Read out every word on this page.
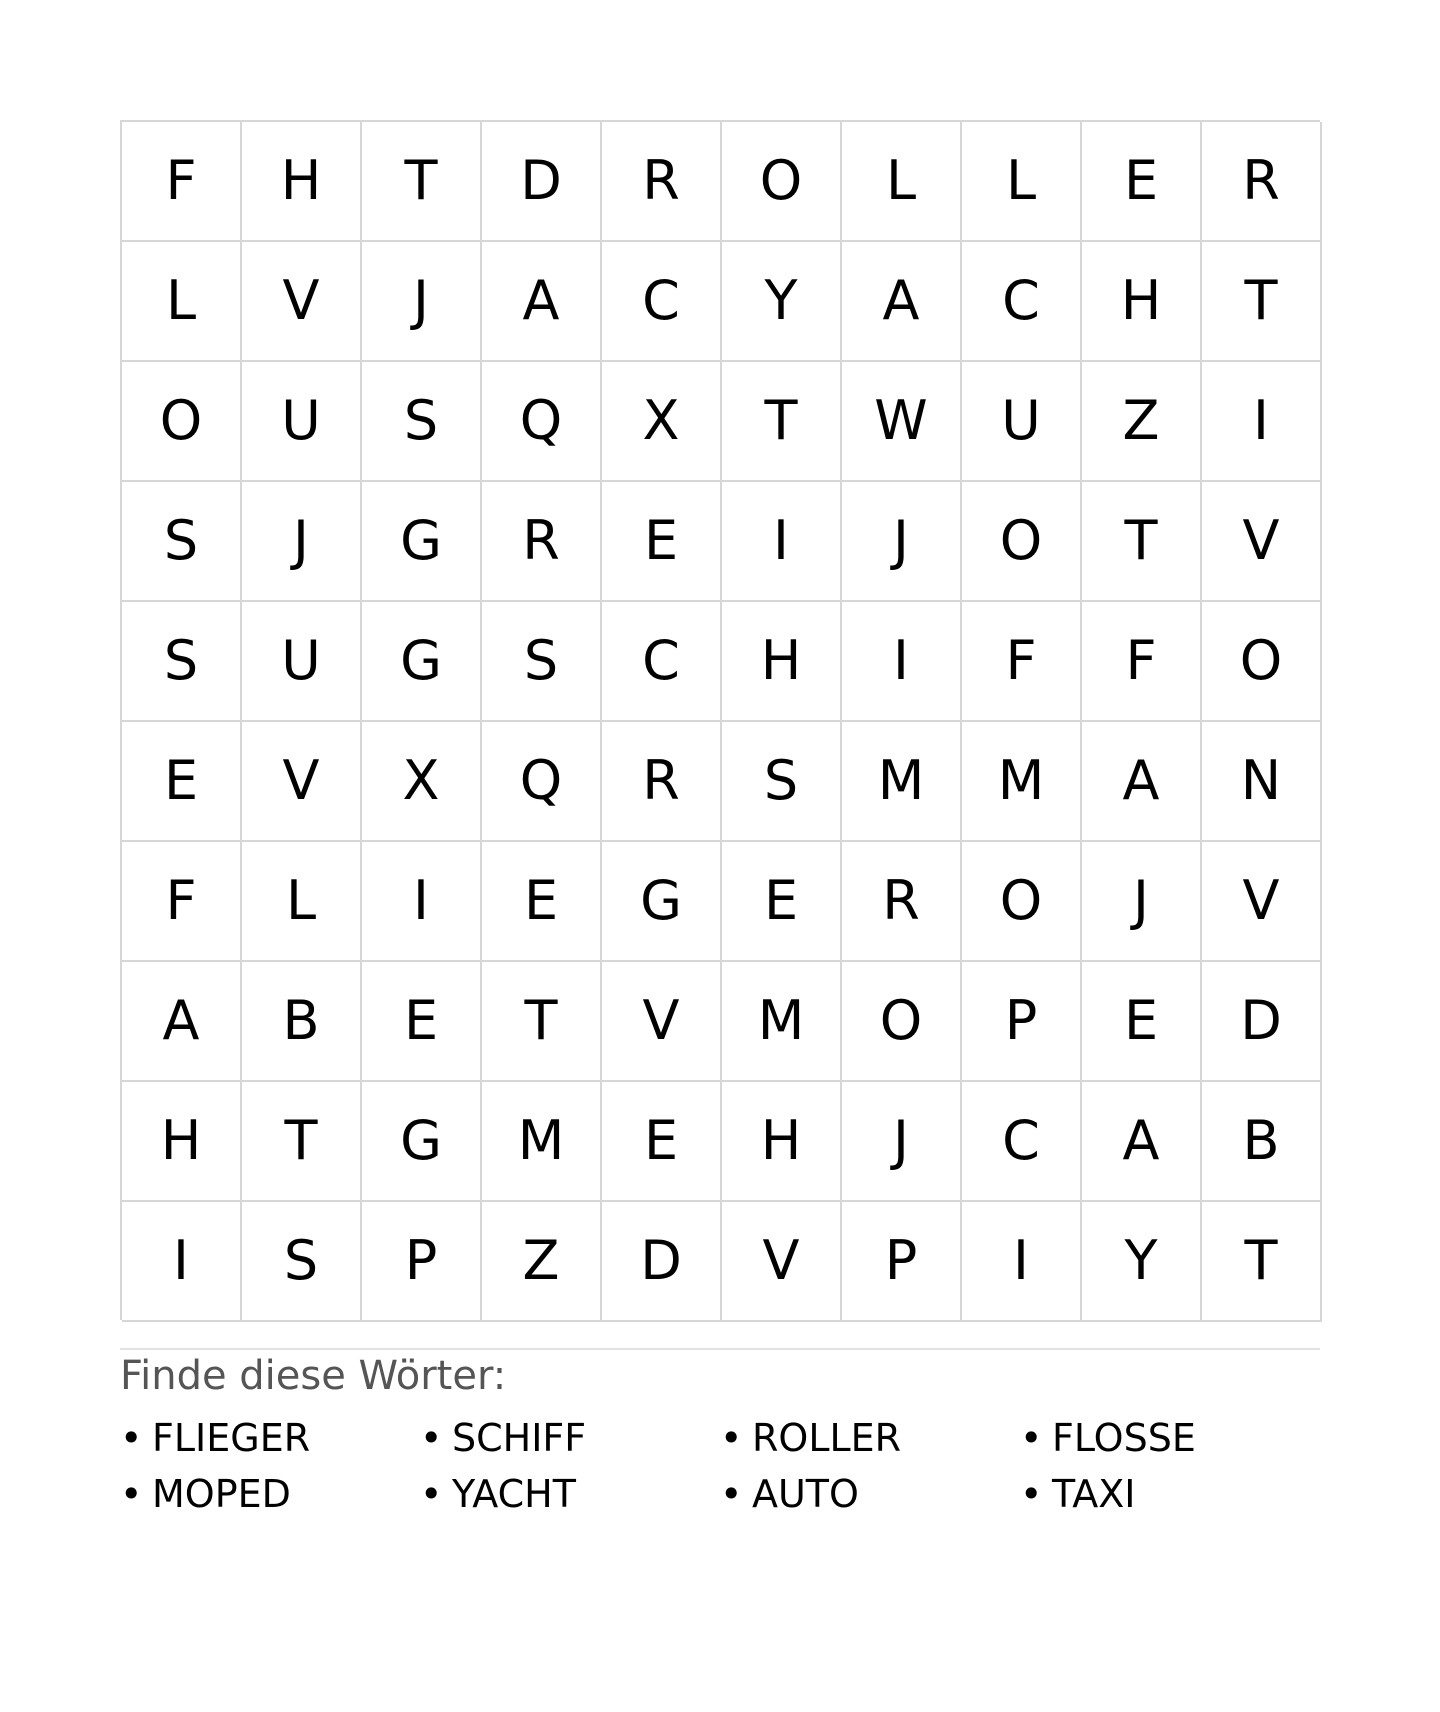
F	H	T	D	R	O	L	L	E	R
L	V	J	A	C	Y	A	C	H	T
O	U	S	Q	X	T	W	U	Z	I
S	J	G	R	E	I	J	O	T	V
S	U	G	S	C	H	I	F	F	O
E	V	X	Q	R	S	M	M	A	N
F	L	I	E	G	E	R	O	J	V
A	B	E	T	V	M	O	P	E	D
H	T	G	M	E	H	J	C	A	B
I	S	P	Z	D	V	P	I	Y	T
Finde diese Wörter:
• FLIEGER	• SCHIFF	• ROLLER	• FLOSSE
• MOPED	• YACHT	• AUTO	• TAXI
